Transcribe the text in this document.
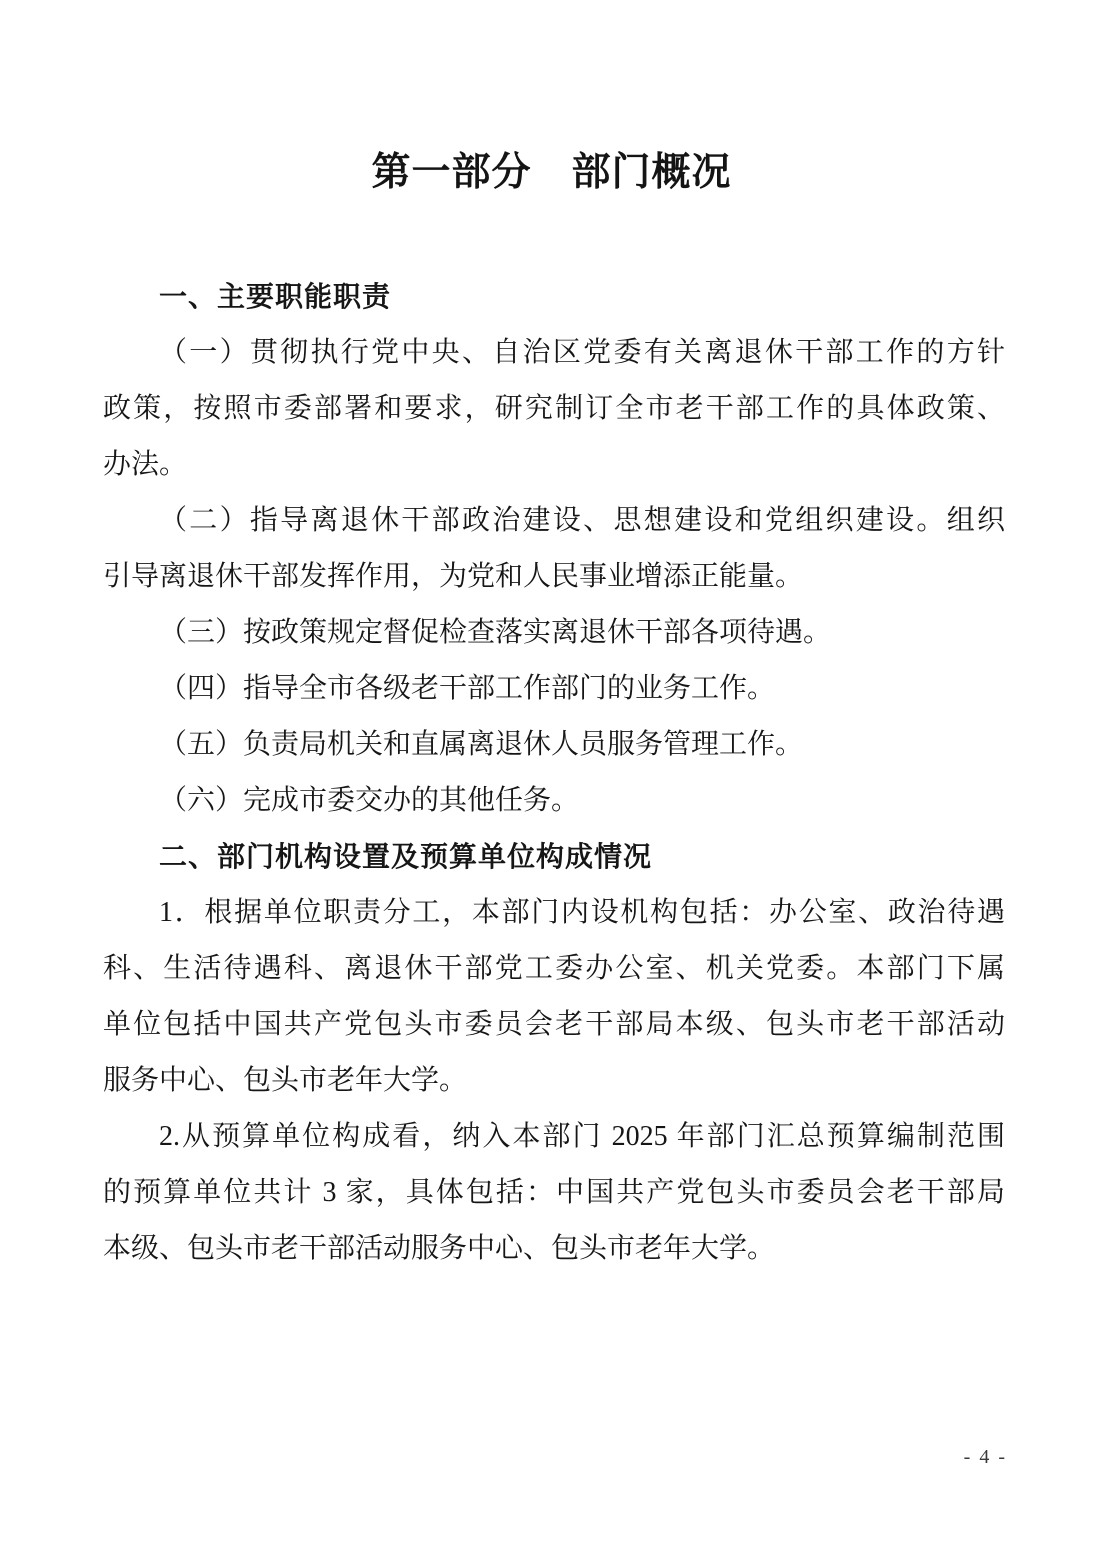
第一部分　部门概况
一、主要职能职责
（一）贯彻执行党中央、自治区党委有关离退休干部工作的方针
政策，按照市委部署和要求，研究制订全市老干部工作的具体政策、
办法。
（二）指导离退休干部政治建设、思想建设和党组织建设。组织
引导离退休干部发挥作用，为党和人民事业增添正能量。
（三）按政策规定督促检查落实离退休干部各项待遇。
（四）指导全市各级老干部工作部门的业务工作。
（五）负责局机关和直属离退休人员服务管理工作。
（六）完成市委交办的其他任务。
二、部门机构设置及预算单位构成情况
1．根据单位职责分工，本部门内设机构包括：办公室、政治待遇
科、生活待遇科、离退休干部党工委办公室、机关党委。本部门下属
单位包括中国共产党包头市委员会老干部局本级、包头市老干部活动
服务中心、包头市老年大学。
2.从预算单位构成看，纳入本部门 2025 年部门汇总预算编制范围
的预算单位共计 3 家，具体包括：中国共产党包头市委员会老干部局
本级、包头市老干部活动服务中心、包头市老年大学。
- 4 -
